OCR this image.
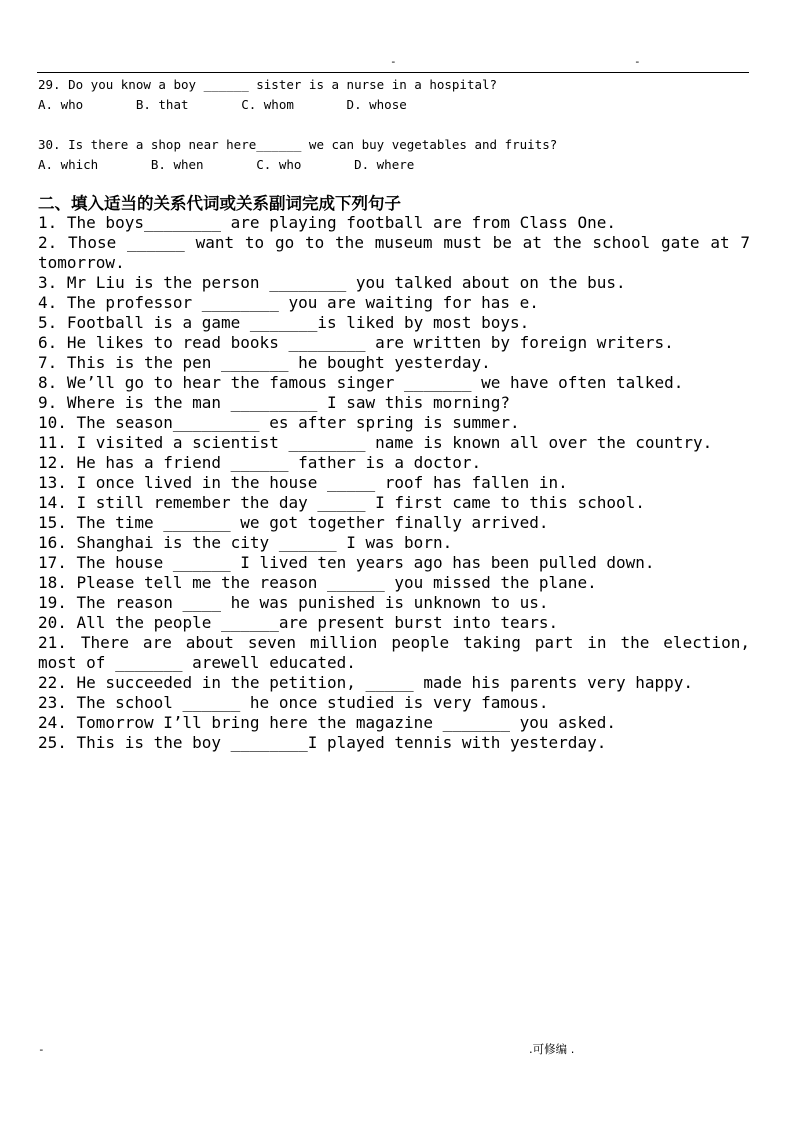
-	-
29. Do you know a boy ______ sister is a nurse in a hospital?
A. who       B. that       C. whom       D. whose
30. Is there a shop near here______ we can buy vegetables and fruits?
A. which       B. when       C. who       D. where
二、填入适当的关系代词或关系副词完成下列句子
1. The boys________ are playing football are from Class One.
2. Those ______ want to go to the museum must be at the school gate at 7 tomorrow.
3. Mr Liu is the person ________ you talked about on the bus.
4. The professor ________ you are waiting for has e.
5. Football is a game _______is liked by most boys.
6. He likes to read books ________ are written by foreign writers.
7. This is the pen _______ he bought yesterday.
8. We’ll go to hear the famous singer _______ we have often talked.
9. Where is the man _________ I saw this morning?
10. The season_________ es after spring is summer.
11. I visited a scientist ________ name is known all over the country.
12. He has a friend ______ father is a doctor.
13. I once lived in the house _____ roof has fallen in.
14. I still remember the day _____ I first came to this school.
15. The time _______ we got together finally arrived.
16. Shanghai is the city ______ I was born.
17. The house ______ I lived ten years ago has been pulled down.
18. Please tell me the reason ______ you missed the plane.
19. The reason ____ he was punished is unknown to us.
20. All the people ______are present burst into tears.
21. There are about seven million people taking part in the election, most of _______ arewell educated.
22. He succeeded in the petition, _____ made his parents very happy.
23. The school ______ he once studied is very famous.
24. Tomorrow I’ll bring here the magazine _______ you asked.
25. This is the boy ________I played tennis with yesterday.
-	.可修编 .
